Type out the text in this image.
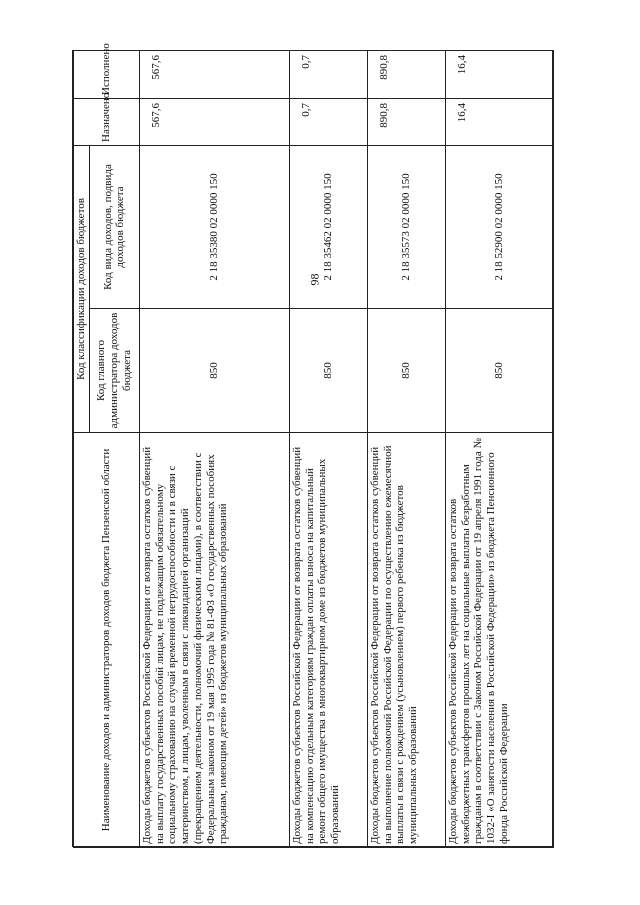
98
Наименование доходов и администраторов доходов бюджета Пензенской области	Код классификации доходов бюджетов		Назначено	Исполнено
	Код главного администратора доходов бюджета	Код вида доходов, подвида доходов бюджета		
Доходы бюджетов субъектов Российской Федерации от возврата остатков субвенций на выплату государственных пособий лицам, не подлежащим обязательному социальному страхованию на случай временной нетрудоспособности и в связи с материнством, и лицам, уволенным в связи с ликвидацией организаций (прекращением деятельности, полномочий физическими лицами), в соответствии с Федеральным законом от 19 мая 1995 года № 81-ФЗ «О государственных пособиях гражданам, имеющим детей» из бюджетов муниципальных образований	850	2 18 35380 02 0000 150	567,6	567,6
Доходы бюджетов субъектов Российской Федерации от возврата остатков субвенций на компенсацию отдельным категориям граждан оплаты взноса на капитальный ремонт общего имущества в многоквартирном доме из бюджетов муниципальных образований	850	2 18 35462 02 0000 150	0,7	0,7
Доходы бюджетов субъектов Российской Федерации от возврата остатков субвенций на выполнение полномочий Российской Федерации по осуществлению ежемесячной выплаты в связи с рождением (усыновлением) первого ребенка из бюджетов муниципальных образований	850	2 18 35573 02 0000 150	890,8	890,8
Доходы бюджетов субъектов Российской Федерации от возврата остатков межбюджетных трансфертов прошлых лет на социальные выплаты безработным гражданам в соответствии с Законом Российской Федерации от 19 апреля 1991 года № 1032-I «О занятости населения в Российской Федерации» из бюджета Пенсионного фонда Российской Федерации	850	2 18 52900 02 0000 150	16,4	16,4
